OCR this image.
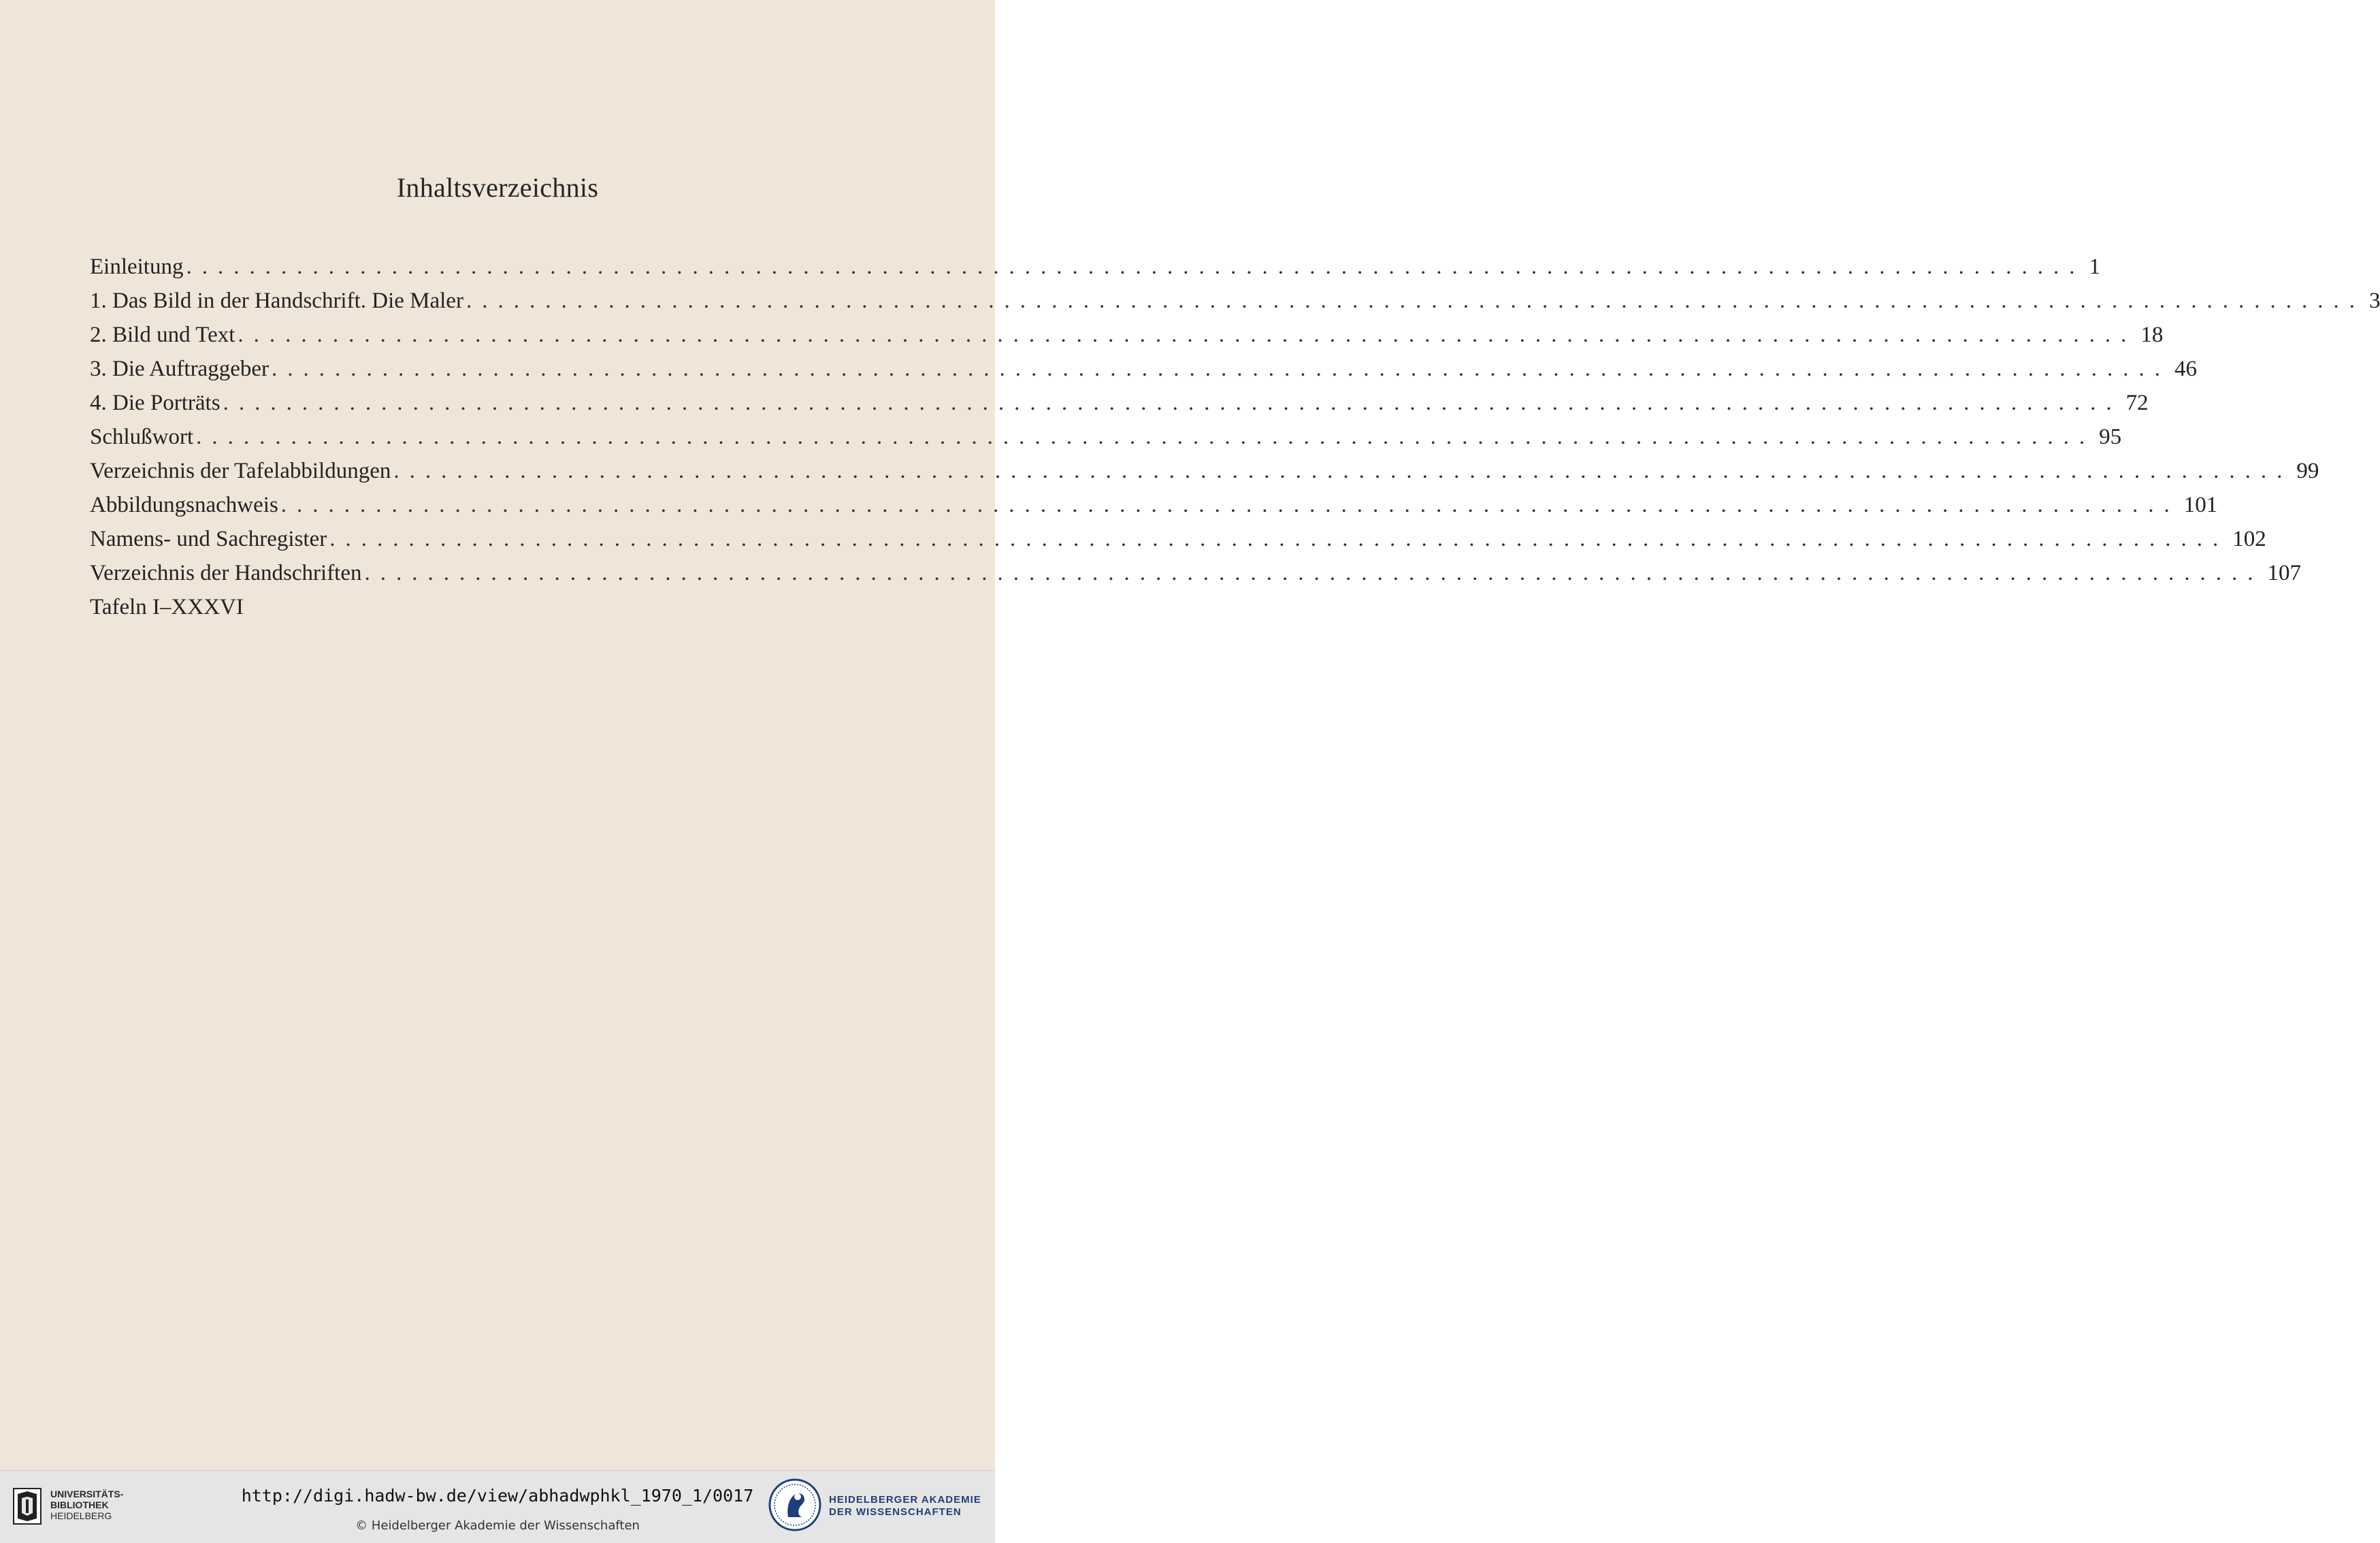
Inhaltsverzeichnis
Einleitung ........................................................................................................................ 1
1. Das Bild in der Handschrift. Die Maler ........................................................................................................................ 3
2. Bild und Text ........................................................................................................................ 18
3. Die Auftraggeber ........................................................................................................................ 46
4. Die Porträts ........................................................................................................................ 72
Schlußwort ........................................................................................................................ 95
Verzeichnis der Tafelabbildungen ........................................................................................................................ 99
Abbildungsnachweis ........................................................................................................................ 101
Namens- und Sachregister ........................................................................................................................ 102
Verzeichnis der Handschriften ........................................................................................................................ 107
Tafeln I–XXXVI
UNIVERSITÄTS-
BIBLIOTHEK
HEIDELBERG
http://digi.hadw-bw.de/view/abhadwphkl_1970_1/0017
© Heidelberger Akademie der Wissenschaften
HEIDELBERGER AKADEMIE
DER WISSENSCHAFTEN
